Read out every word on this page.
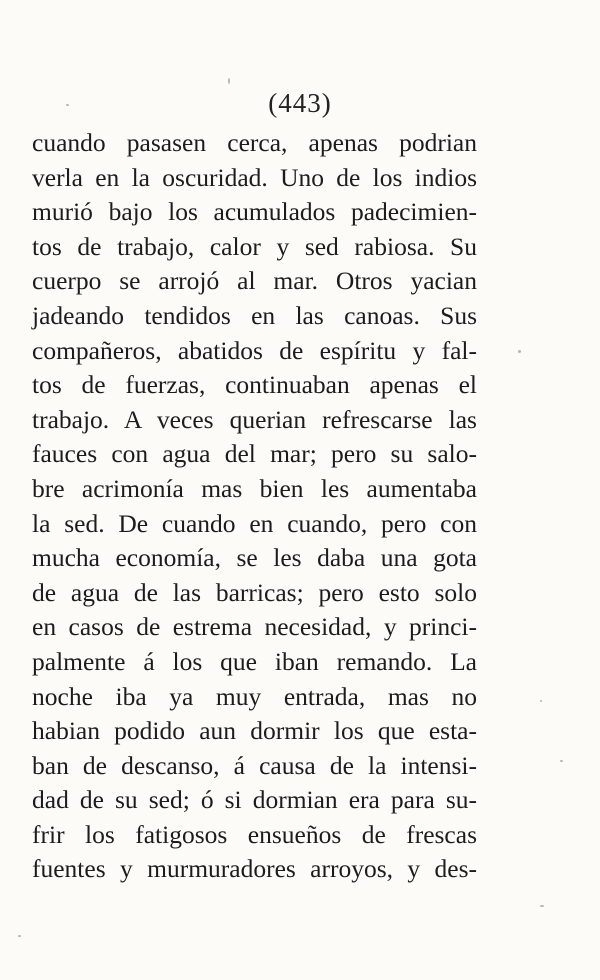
(443)
cuando pasasen cerca, apenas podrian
verla en la oscuridad. Uno de los indios
murió bajo los acumulados padecimien-
tos de trabajo, calor y sed rabiosa. Su
cuerpo se arrojó al mar. Otros yacian
jadeando tendidos en las canoas. Sus
compañeros, abatidos de espíritu y fal-
tos de fuerzas, continuaban apenas el
trabajo. A veces querian refrescarse las
fauces con agua del mar; pero su salo-
bre acrimonía mas bien les aumentaba
la sed. De cuando en cuando, pero con
mucha economía, se les daba una gota
de agua de las barricas; pero esto solo
en casos de estrema necesidad, y princi-
palmente á los que iban remando. La
noche iba ya muy entrada, mas no
habian podido aun dormir los que esta-
ban de descanso, á causa de la intensi-
dad de su sed; ó si dormian era para su-
frir los fatigosos ensueños de frescas
fuentes y murmuradores arroyos, y des-
